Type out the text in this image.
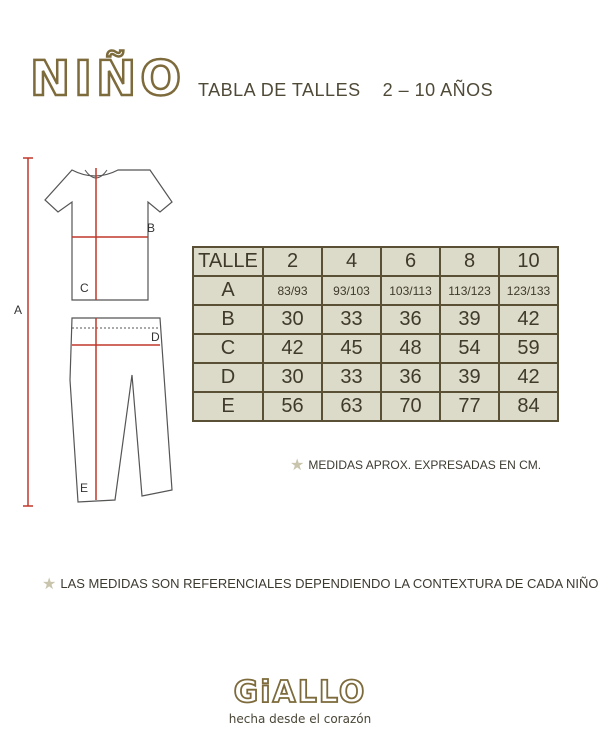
NIÑO TABLA DE TALLES 2 – 10 AÑOS
A
B
C
D
E
TALLE	2	4	6	8	10
A	83/93	93/103	103/113	113/123	123/133
B	30	33	36	39	42
C	42	45	48	54	59
D	30	33	36	39	42
E	56	63	70	77	84
★ MEDIDAS APROX. EXPRESADAS EN CM.
★ LAS MEDIDAS SON REFERENCIALES DEPENDIENDO LA CONTEXTURA DE CADA NIÑO
GiALLO
hecha desde el corazón
